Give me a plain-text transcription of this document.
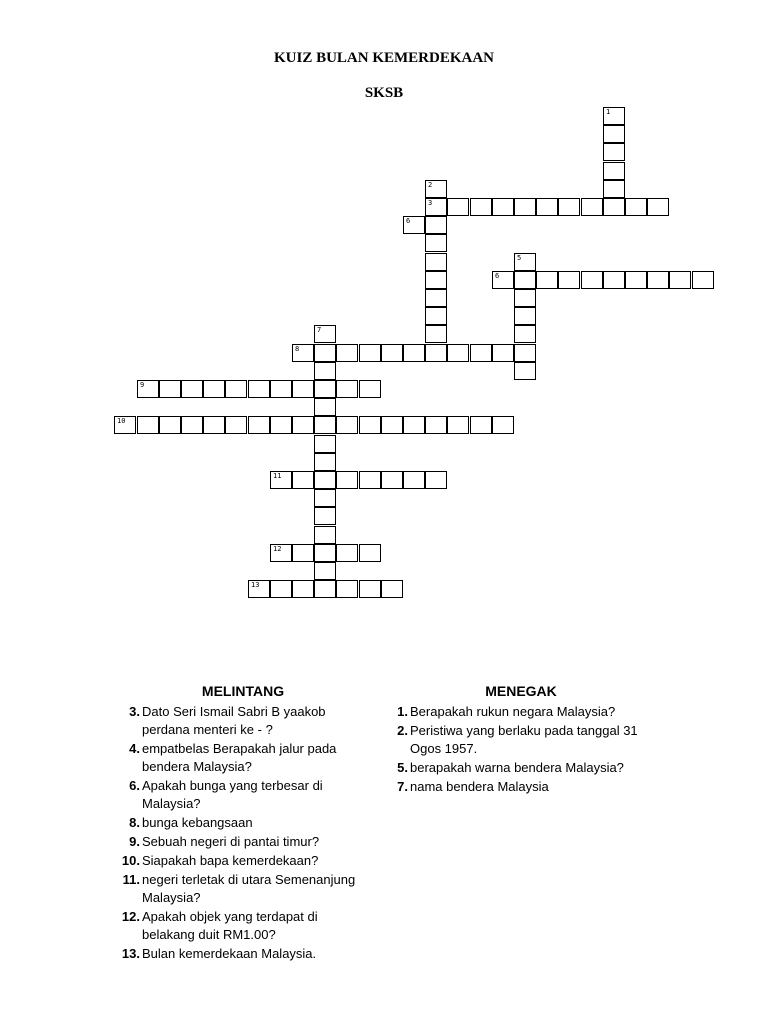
KUIZ BULAN KEMERDEKAAN
SKSB
1
2
3
6
5
6
7
8
9
10
11
12
13
MELINTANG
3. Dato Seri Ismail Sabri B yaakob perdana menteri ke - ?
4. empatbelas Berapakah jalur pada bendera Malaysia?
6. Apakah bunga yang terbesar di Malaysia?
8. bunga kebangsaan
9. Sebuah negeri di pantai timur?
10. Siapakah bapa kemerdekaan?
11. negeri terletak di utara Semenanjung Malaysia?
12. Apakah objek yang terdapat di belakang duit RM1.00?
13. Bulan kemerdekaan Malaysia.
MENEGAK
1. Berapakah rukun negara Malaysia?
2. Peristiwa yang berlaku pada tanggal 31 Ogos 1957.
5. berapakah warna bendera Malaysia?
7. nama bendera Malaysia
